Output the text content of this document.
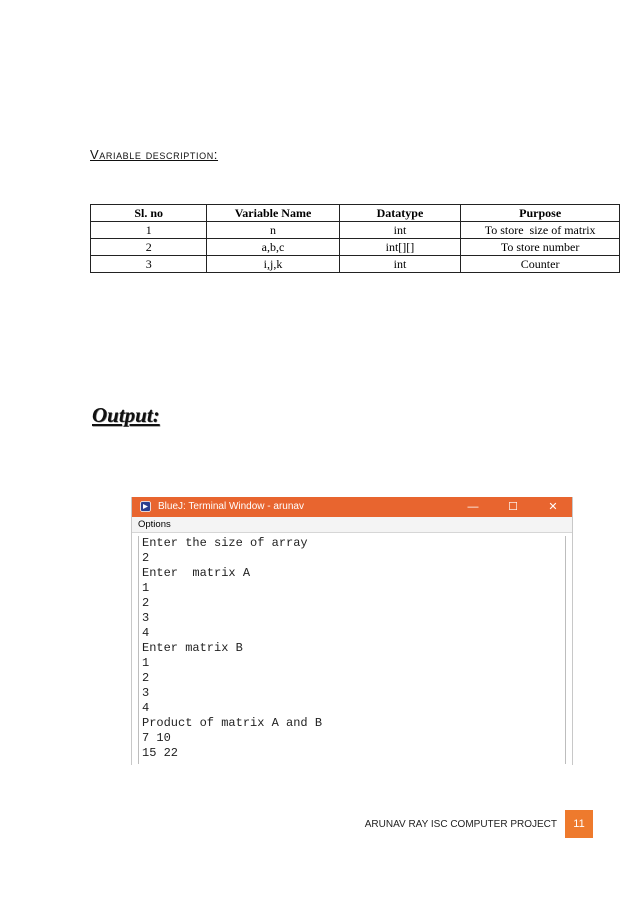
Variable description:
Sl. no	Variable Name	Datatype	Purpose
1	n	int	To store  size of matrix
2	a,b,c	int[][]	To store number
3	i,j,k	int	Counter
Output:
BlueJ: Terminal Window - arunav	—	☐	✕
Options
Enter the size of array
2
Enter  matrix A
1
2
3
4
Enter matrix B
1
2
3
4
Product of matrix A and B
7 10
15 22
ARUNAV RAY ISC COMPUTER PROJECT	11
